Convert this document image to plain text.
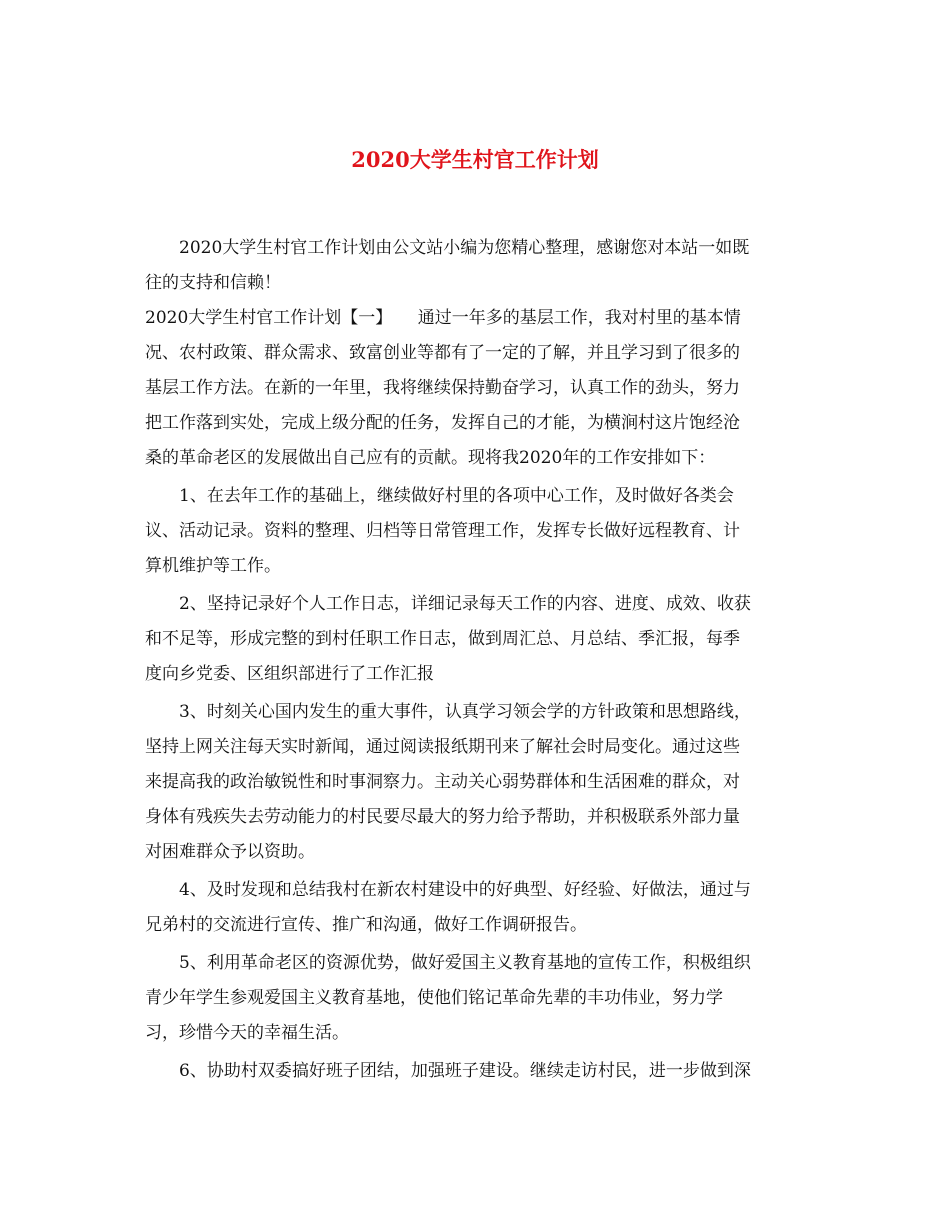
2020大学生村官工作计划

2020大学生村官工作计划由公文站小编为您精心整理，感谢您对本站一如既

往的支持和信赖！

2020大学生村官工作计划【一】　　通过一年多的基层工作，我对村里的基本情

况、农村政策、群众需求、致富创业等都有了一定的了解，并且学习到了很多的

基层工作方法。在新的一年里，我将继续保持勤奋学习，认真工作的劲头，努力

把工作落到实处，完成上级分配的任务，发挥自己的才能，为横涧村这片饱经沧

桑的革命老区的发展做出自己应有的贡献。现将我2020年的工作安排如下：

1、在去年工作的基础上，继续做好村里的各项中心工作，及时做好各类会

议、活动记录。资料的整理、归档等日常管理工作，发挥专长做好远程教育、计

算机维护等工作。

2、坚持记录好个人工作日志，详细记录每天工作的内容、进度、成效、收获

和不足等，形成完整的到村任职工作日志，做到周汇总、月总结、季汇报，每季

度向乡党委、区组织部进行了工作汇报

3、时刻关心国内发生的重大事件，认真学习领会学的方针政策和思想路线，

坚持上网关注每天实时新闻，通过阅读报纸期刊来了解社会时局变化。通过这些

来提高我的政治敏锐性和时事洞察力。主动关心弱势群体和生活困难的群众，对

身体有残疾失去劳动能力的村民要尽最大的努力给予帮助，并积极联系外部力量

对困难群众予以资助。

4、及时发现和总结我村在新农村建设中的好典型、好经验、好做法，通过与

兄弟村的交流进行宣传、推广和沟通，做好工作调研报告。

5、利用革命老区的资源优势，做好爱国主义教育基地的宣传工作，积极组织

青少年学生参观爱国主义教育基地，使他们铭记革命先辈的丰功伟业，努力学

习，珍惜今天的幸福生活。

6、协助村双委搞好班子团结，加强班子建设。继续走访村民，进一步做到深
